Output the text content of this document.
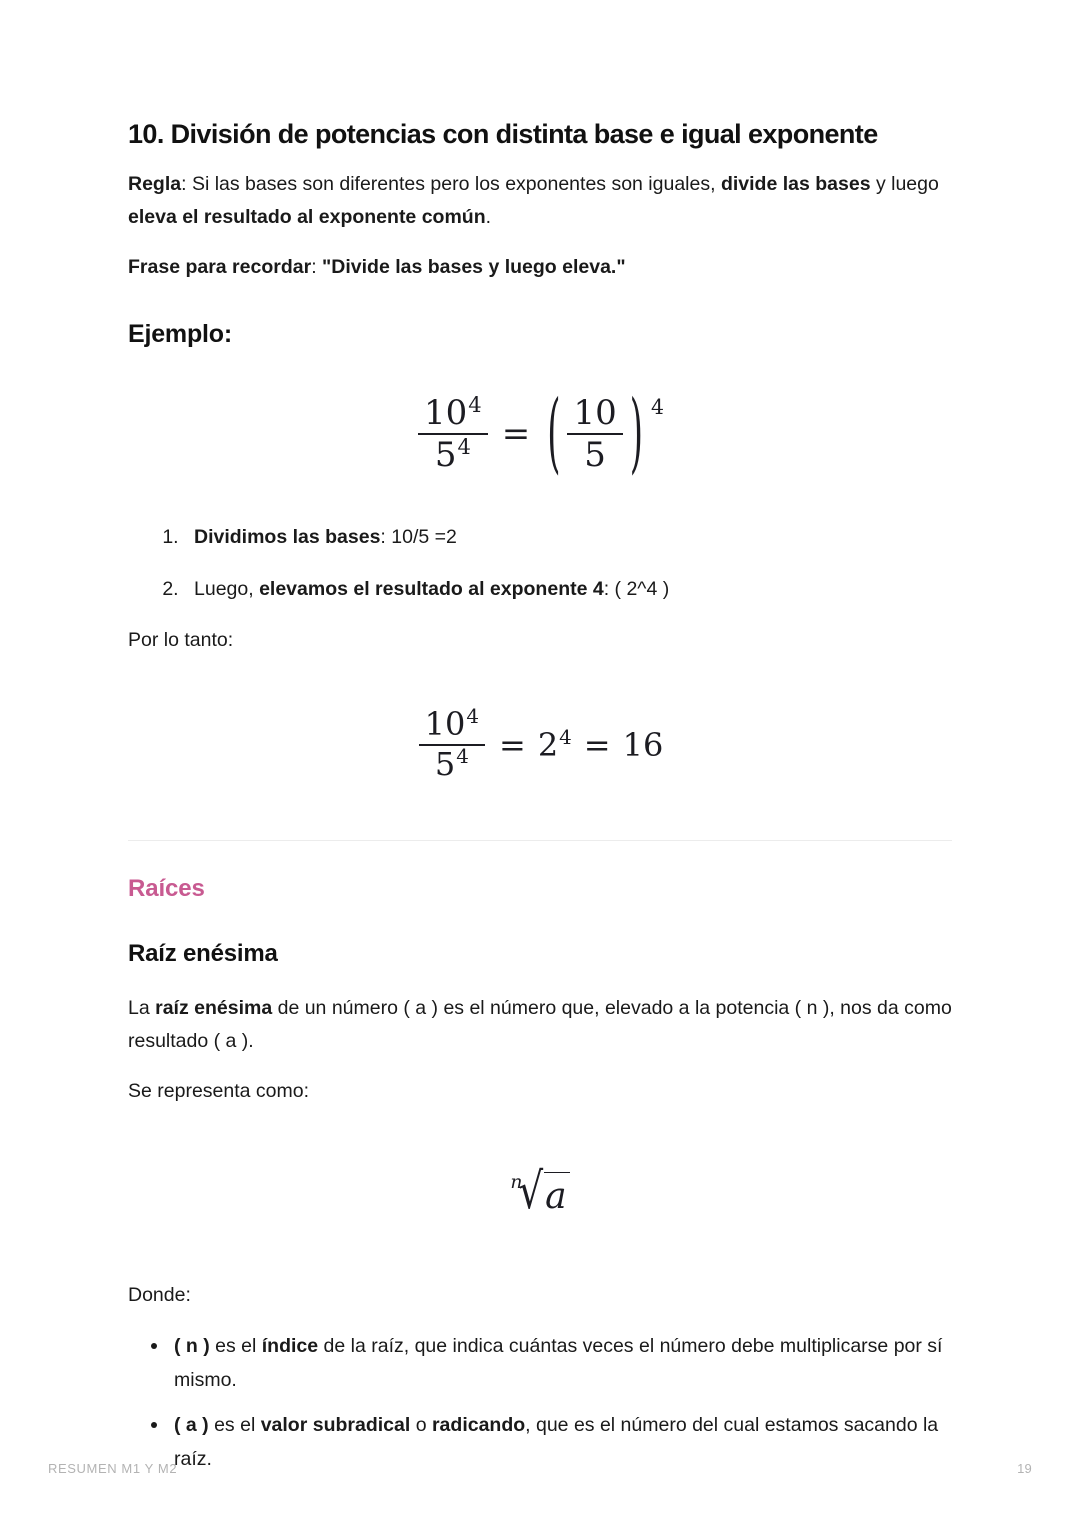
10. División de potencias con distinta base e igual exponente

Regla: Si las bases son diferentes pero los exponentes son iguales, divide las bases y luego eleva el resultado al exponente común.

Frase para recordar: "Divide las bases y luego eleva."

Ejemplo:
$\frac{10^4}{5^4}$ = ( $\frac{10}{5}$ ) 4
1. Dividimos las bases: 10/5 =2
2. Luego, elevamos el resultado al exponente 4: ( 2^4 )

Por lo tanto:

$\frac{10^4}{5^4} = 2^4 = 16$
Raíces
Raíz enésima

La raíz enésima de un número ( a ) es el número que, elevado a la potencia ( n ), nos da como resultado ( a ).

Se representa como:

n
√ a

Donde:

( n ) es el índice de la raíz, que indica cuántas veces el número debe multiplicarse por sí mismo.
( a ) es el valor subradical o radicando, que es el número del cual estamos sacando la raíz.
RESUMEN M1 Y M2	19
